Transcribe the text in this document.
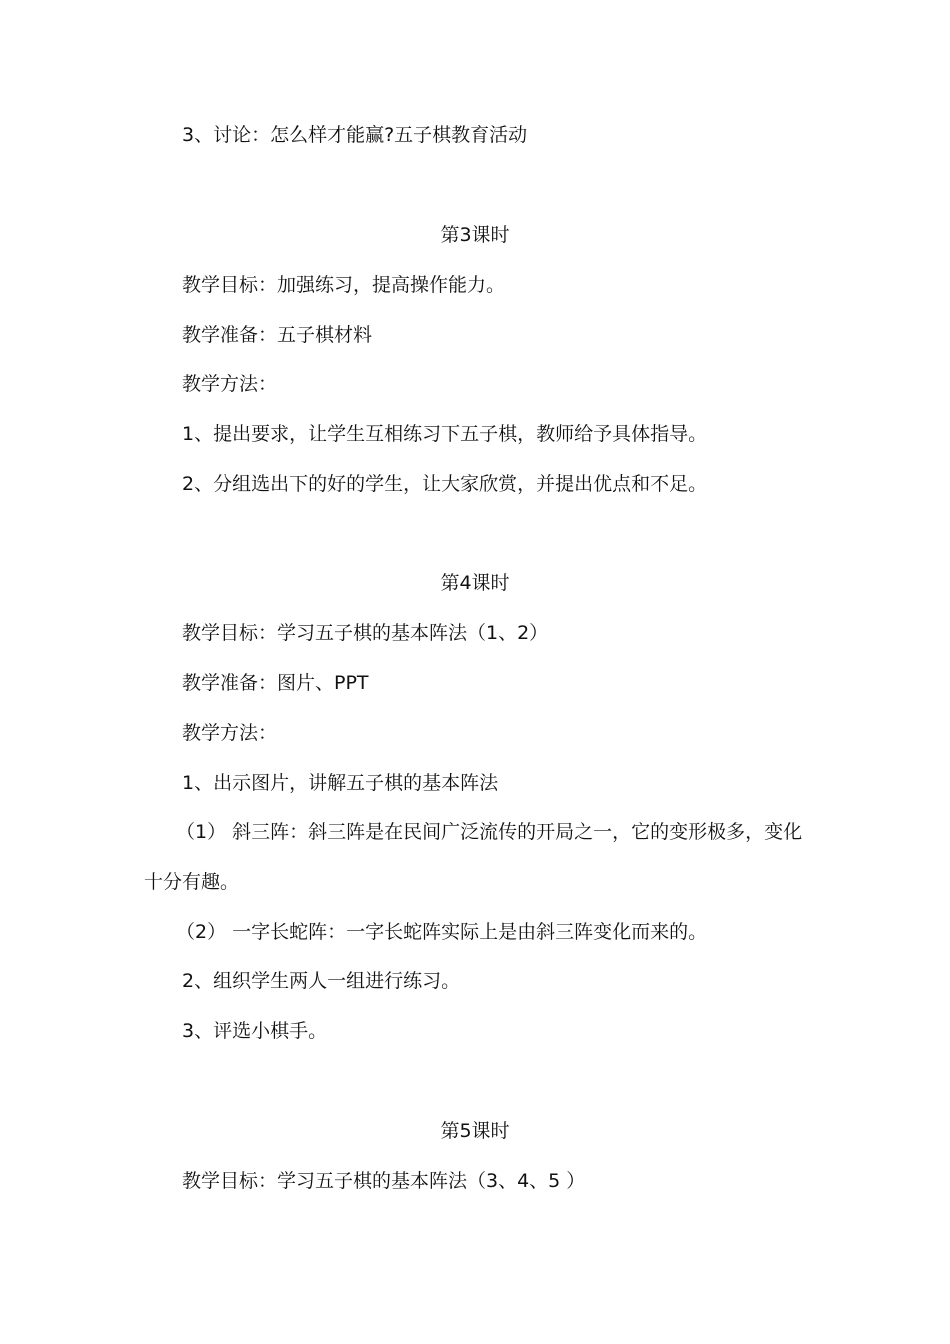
3、讨论：怎么样才能赢?五子棋教育活动
第3课时
教学目标：加强练习，提高操作能力。
教学准备：五子棋材料
教学方法：
1、提出要求，让学生互相练习下五子棋，教师给予具体指导。
2、分组选出下的好的学生，让大家欣赏，并提出优点和不足。
第4课时
教学目标：学习五子棋的基本阵法（1、2）
教学准备：图片、PPT
教学方法：
1、出示图片，讲解五子棋的基本阵法
（1） 斜三阵：斜三阵是在民间广泛流传的开局之一，它的变形极多，变化
十分有趣。
（2） 一字长蛇阵：一字长蛇阵实际上是由斜三阵变化而来的。
2、组织学生两人一组进行练习。
3、评选小棋手。
第5课时
教学目标：学习五子棋的基本阵法（3、4、5 ）
